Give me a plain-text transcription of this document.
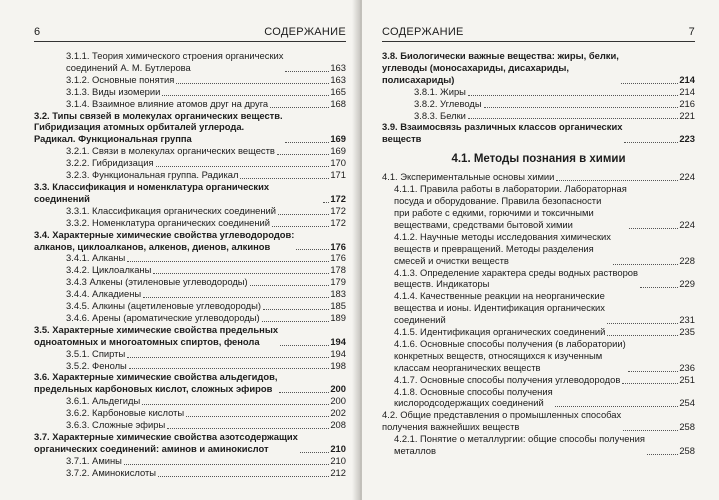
6	СОДЕРЖАНИЕ
3.1.1. Теория химического строения органических
соединений А. М. Бутлерова	163
3.1.2. Основные понятия	163
3.1.3. Виды изомерии	165
3.1.4. Взаимное влияние атомов друг на друга	168
3.2. Типы связей в молекулах органических веществ.
Гибридизация атомных орбиталей углерода.
Радикал. Функциональная группа	169
3.2.1. Связи в молекулах органических веществ	169
3.2.2. Гибридизация	170
3.2.3. Функциональная группа. Радикал	171
3.3. Классификация и номенклатура органических соединений	172
3.3.1. Классификация органических соединений	172
3.3.2. Номенклатура органических соединений	172
3.4. Характерные химические свойства углеводородов:
алканов, циклоалканов, алкенов, диенов, алкинов	176
3.4.1. Алканы	176
3.4.2. Циклоалканы	178
3.4.3 Алкены (этиленовые углеводороды)	179
3.4.4. Алкадиены	183
3.4.5. Алкины (ацетиленовые углеводороды)	185
3.4.6. Арены (ароматические углеводороды)	189
3.5. Характерные химические свойства предельных
одноатомных и многоатомных спиртов, фенола	194
3.5.1. Спирты	194
3.5.2. Фенолы	198
3.6. Характерные химические свойства альдегидов,
предельных карбоновых кислот, сложных эфиров	200
3.6.1. Альдегиды	200
3.6.2. Карбоновые кислоты	202
3.6.3. Сложные эфиры	208
3.7. Характерные химические свойства азотсодержащих
органических соединений: аминов и аминокислот	210
3.7.1. Амины	210
3.7.2. Аминокислоты	212
СОДЕРЖАНИЕ	7
3.8. Биологически важные вещества: жиры, белки,
углеводы (моносахариды, дисахариды,
полисахариды)	214
3.8.1. Жиры	214
3.8.2. Углеводы	216
3.8.3. Белки	221
3.9. Взаимосвязь различных классов органических
веществ	223
4.1. Методы познания в химии
4.1. Экспериментальные основы химии	224
4.1.1. Правила работы в лаборатории. Лабораторная
посуда и оборудование. Правила безопасности
при работе с едкими, горючими и токсичными
веществами, средствами бытовой химии	224
4.1.2. Научные методы исследования химических
веществ и превращений. Методы разделения
смесей и очистки веществ	228
4.1.3. Определение характера среды водных растворов
веществ. Индикаторы	229
4.1.4. Качественные реакции на неорганические
вещества и ионы. Идентификация органических
соединений	231
4.1.5. Идентификация органических соединений	235
4.1.6. Основные способы получения (в лаборатории)
конкретных веществ, относящихся к изученным
классам неорганических веществ	236
4.1.7. Основные способы получения углеводородов	251
4.1.8. Основные способы получения
кислородсодержащих соединений	254
4.2. Общие представления о промышленных способах
получения важнейших веществ	258
4.2.1. Понятие о металлургии: общие способы получения
металлов	258
